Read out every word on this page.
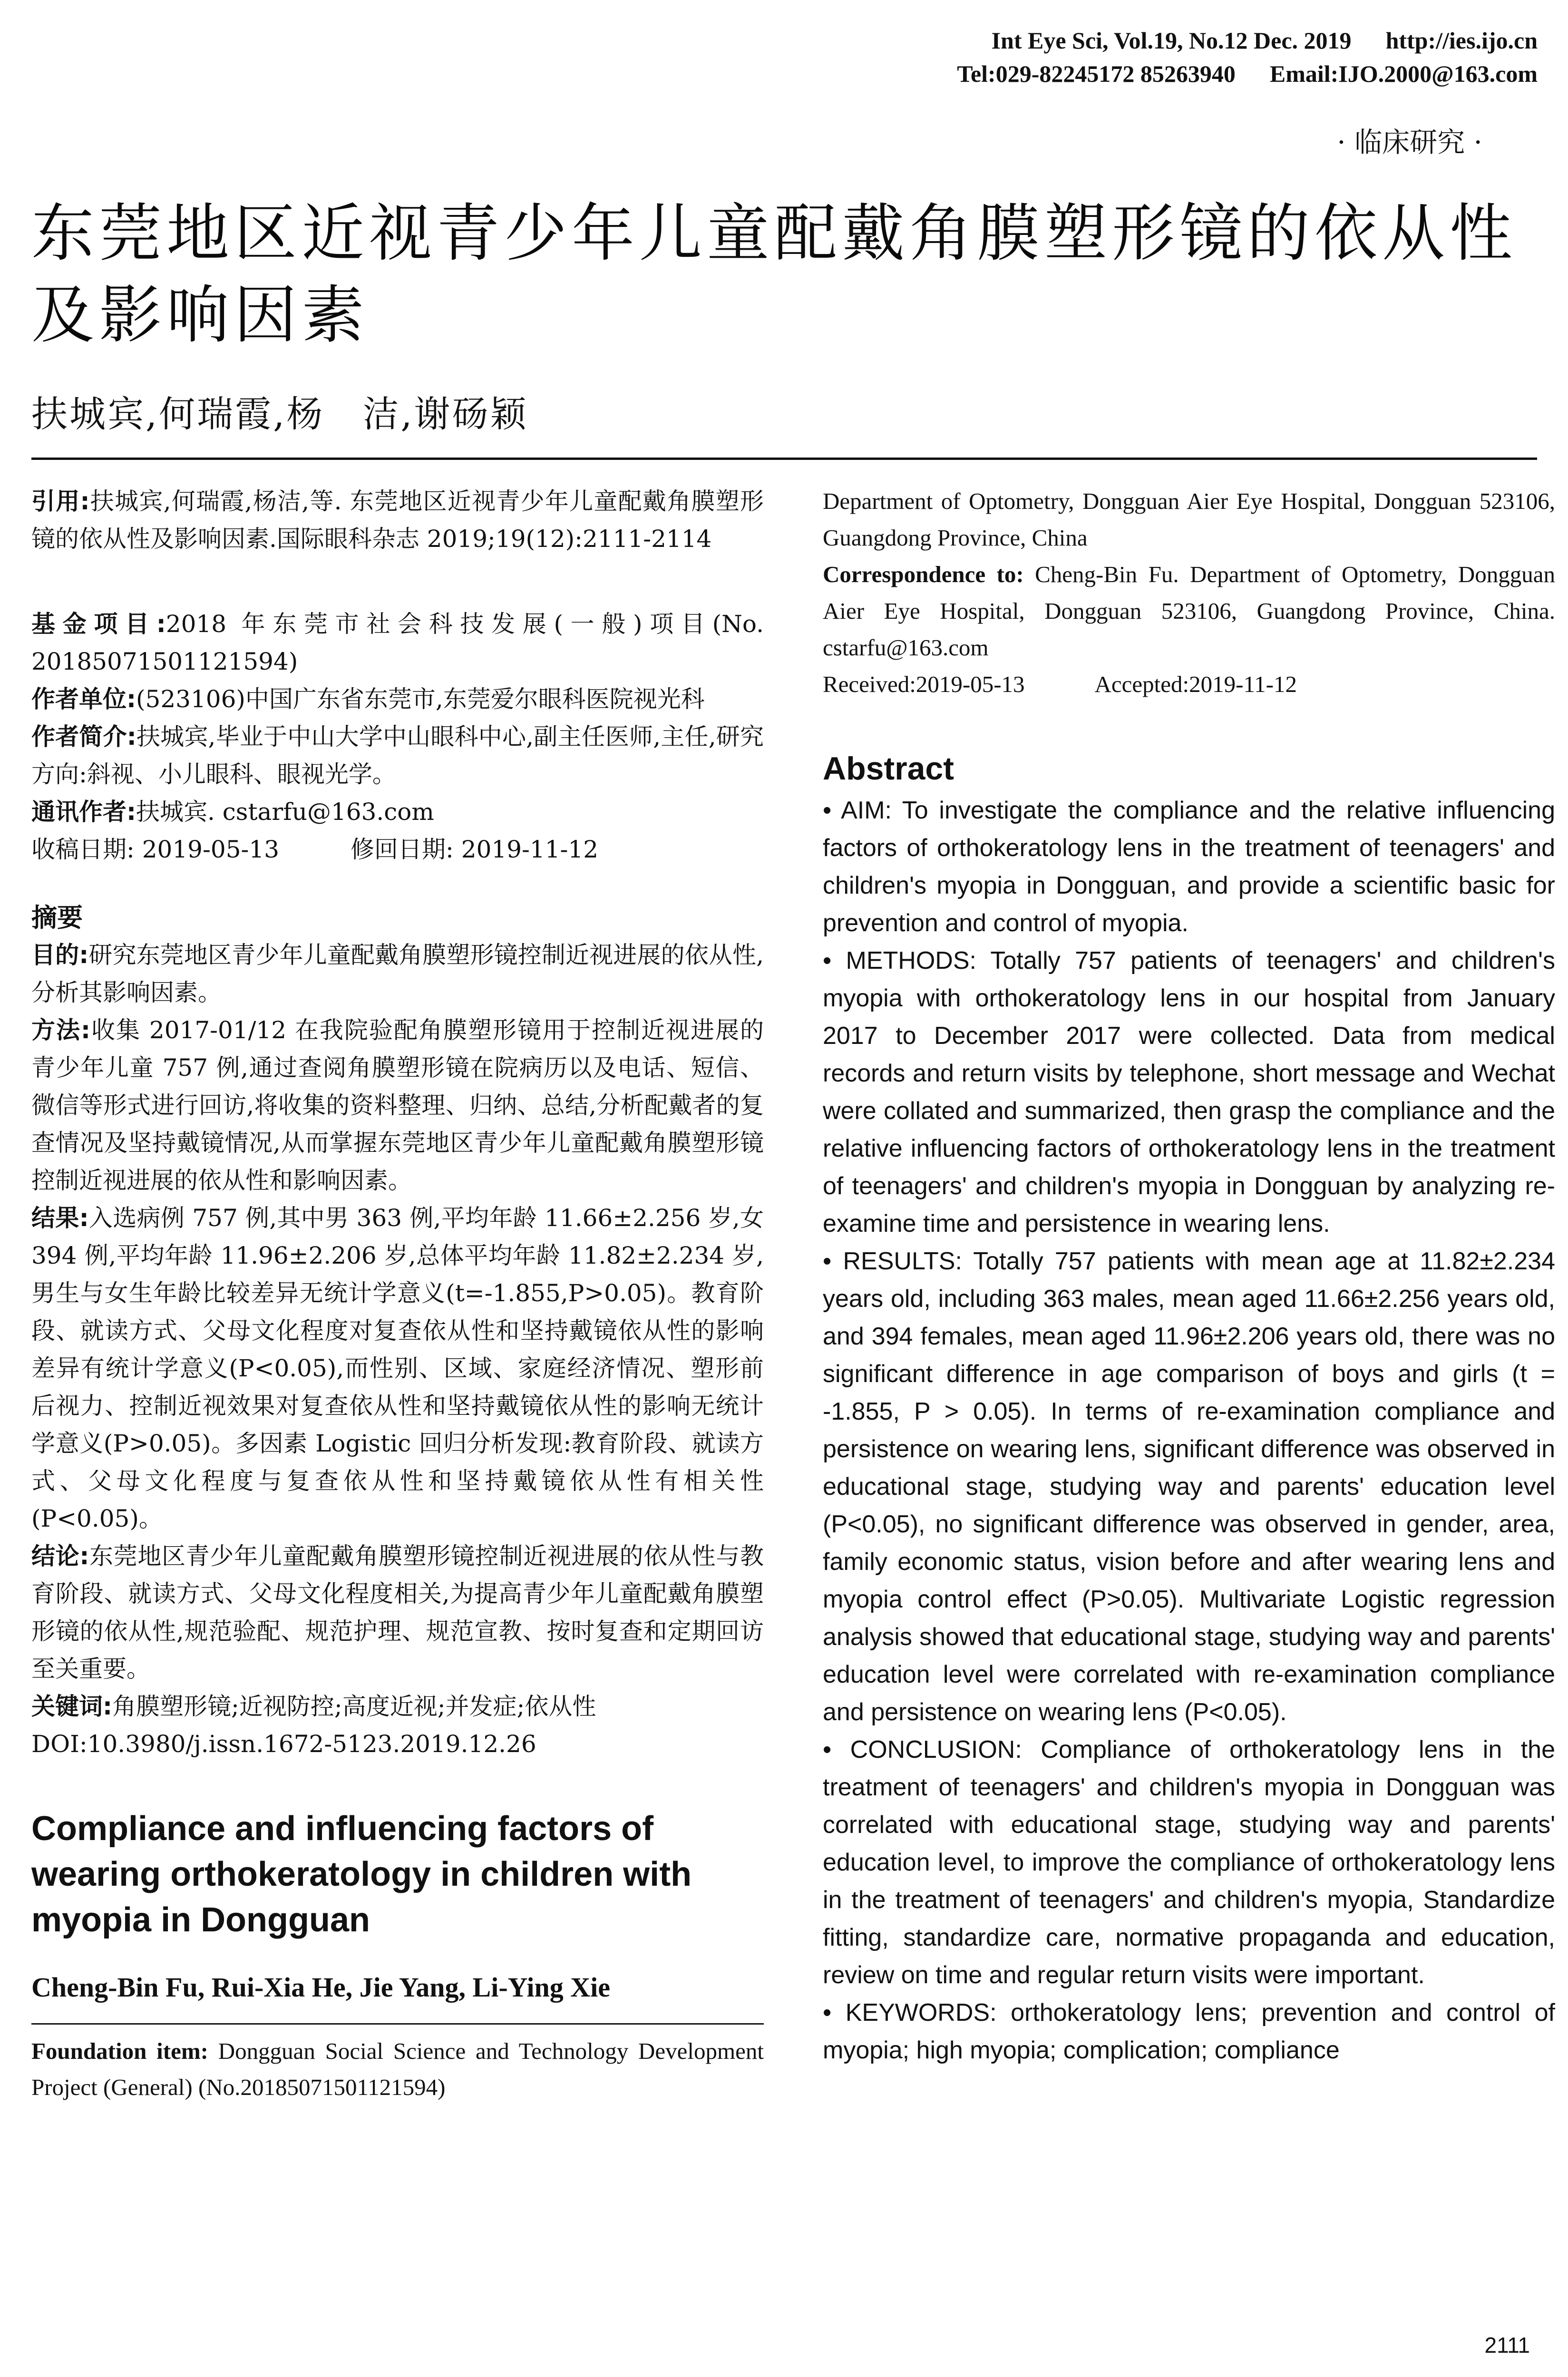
Int Eye Sci, Vol.19, No.12 Dec. 2019 http://ies.ijo.cn
Tel:029-82245172 85263940 Email:IJO.2000@163.com
· 临床研究 ·
东莞地区近视青少年儿童配戴角膜塑形镜的依从性及影响因素
扶城宾,何瑞霞,杨　洁,谢砀颖

引用:扶城宾,何瑞霞,杨洁,等. 东莞地区近视青少年儿童配戴角膜塑形镜的依从性及影响因素.国际眼科杂志 2019;19(12):2111-2114

基金项目:2018 年东莞市社会科技发展(一般)项目(No. 20185071501121594)

作者单位:(523106)中国广东省东莞市,东莞爱尔眼科医院视光科

作者简介:扶城宾,毕业于中山大学中山眼科中心,副主任医师,主任,研究方向:斜视、小儿眼科、眼视光学。

通讯作者:扶城宾. cstarfu@163.com

收稿日期: 2019-05-13　　　修回日期: 2019-11-12

摘要

目的:研究东莞地区青少年儿童配戴角膜塑形镜控制近视进展的依从性,分析其影响因素。

方法:收集 2017-01/12 在我院验配角膜塑形镜用于控制近视进展的青少年儿童 757 例,通过查阅角膜塑形镜在院病历以及电话、短信、微信等形式进行回访,将收集的资料整理、归纳、总结,分析配戴者的复查情况及坚持戴镜情况,从而掌握东莞地区青少年儿童配戴角膜塑形镜控制近视进展的依从性和影响因素。

结果:入选病例 757 例,其中男 363 例,平均年龄 11.66±2.256 岁,女 394 例,平均年龄 11.96±2.206 岁,总体平均年龄 11.82±2.234 岁,男生与女生年龄比较差异无统计学意义(t=-1.855,P>0.05)。教育阶段、就读方式、父母文化程度对复查依从性和坚持戴镜依从性的影响差异有统计学意义(P<0.05),而性别、区域、家庭经济情况、塑形前后视力、控制近视效果对复查依从性和坚持戴镜依从性的影响无统计学意义(P>0.05)。多因素 Logistic 回归分析发现:教育阶段、就读方式、父母文化程度与复查依从性和坚持戴镜依从性有相关性(P<0.05)。

结论:东莞地区青少年儿童配戴角膜塑形镜控制近视进展的依从性与教育阶段、就读方式、父母文化程度相关,为提高青少年儿童配戴角膜塑形镜的依从性,规范验配、规范护理、规范宣教、按时复查和定期回访至关重要。

关键词:角膜塑形镜;近视防控;高度近视;并发症;依从性

DOI:10.3980/j.issn.1672-5123.2019.12.26

Compliance and influencing factors of wearing orthokeratology in children with myopia in Dongguan
Cheng-Bin Fu, Rui-Xia He, Jie Yang, Li-Ying Xie
Foundation item: Dongguan Social Science and Technology Development Project (General) (No.20185071501121594)

Department of Optometry, Dongguan Aier Eye Hospital, Dongguan 523106, Guangdong Province, China

Correspondence to: Cheng-Bin Fu. Department of Optometry, Dongguan Aier Eye Hospital, Dongguan 523106, Guangdong Province, China. cstarfu@163.com

Received:2019-05-13　　　Accepted:2019-11-12

Abstract

• AIM: To investigate the compliance and the relative influencing factors of orthokeratology lens in the treatment of teenagers' and children's myopia in Dongguan, and provide a scientific basic for prevention and control of myopia.

• METHODS: Totally 757 patients of teenagers' and children's myopia with orthokeratology lens in our hospital from January 2017 to December 2017 were collected. Data from medical records and return visits by telephone, short message and Wechat were collated and summarized, then grasp the compliance and the relative influencing factors of orthokeratology lens in the treatment of teenagers' and children's myopia in Dongguan by analyzing re-examine time and persistence in wearing lens.

• RESULTS: Totally 757 patients with mean age at 11.82±2.234 years old, including 363 males, mean aged 11.66±2.256 years old, and 394 females, mean aged 11.96±2.206 years old, there was no significant difference in age comparison of boys and girls (t = -1.855, P > 0.05). In terms of re-examination compliance and persistence on wearing lens, significant difference was observed in educational stage, studying way and parents' education level (P<0.05), no significant difference was observed in gender, area, family economic status, vision before and after wearing lens and myopia control effect (P>0.05). Multivariate Logistic regression analysis showed that educational stage, studying way and parents' education level were correlated with re-examination compliance and persistence on wearing lens (P<0.05).

• CONCLUSION: Compliance of orthokeratology lens in the treatment of teenagers' and children's myopia in Dongguan was correlated with educational stage, studying way and parents' education level, to improve the compliance of orthokeratology lens in the treatment of teenagers' and children's myopia, Standardize fitting, standardize care, normative propaganda and education, review on time and regular return visits were important.

• KEYWORDS: orthokeratology lens; prevention and control of myopia; high myopia; complication; compliance

2111
